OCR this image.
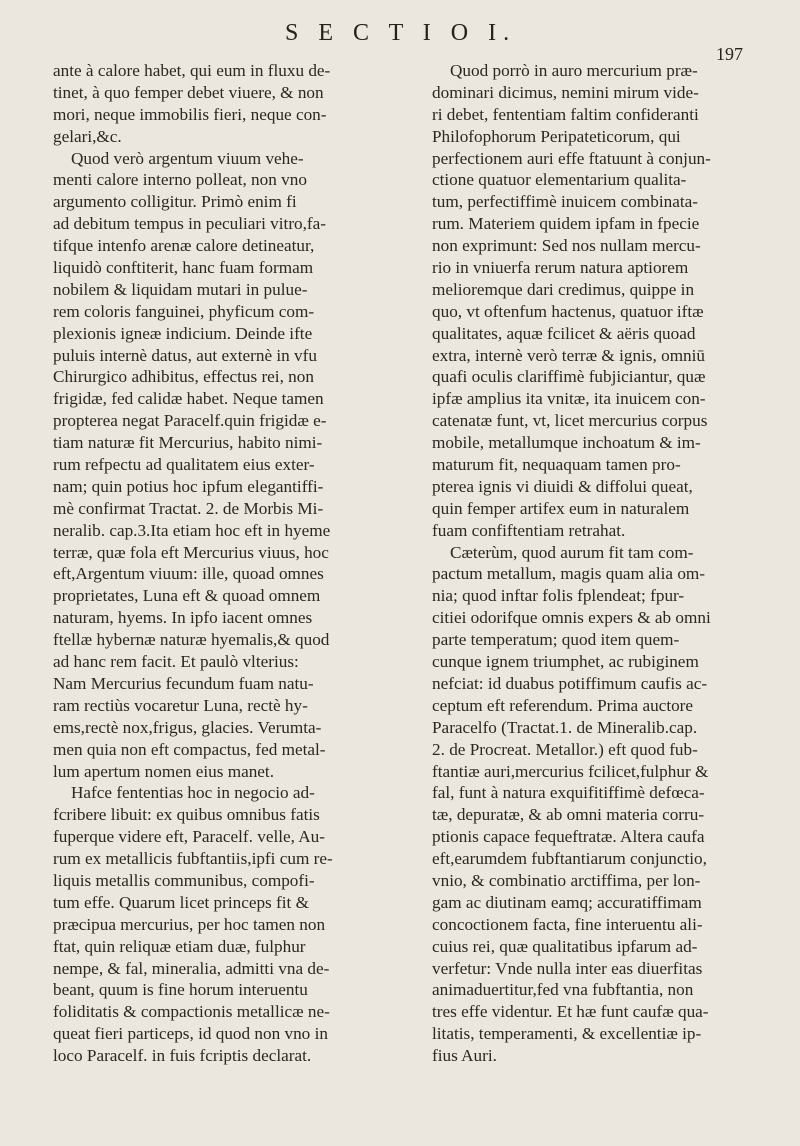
S E C T I O I.
197
ante à calore habet, qui eum in fluxu de-
tinet, à quo femper debet viuere, & non
mori, neque immobilis fieri, neque con-
gelari,&c.
Quod verò argentum viuum vehe-
menti calore interno polleat, non vno
argumento colligitur. Primò enim fi
ad debitum tempus in peculiari vitro,fa-
tifque intenfo arenæ calore detineatur,
liquidò conftiterit, hanc fuam formam
nobilem & liquidam mutari in pulue-
rem coloris fanguinei, phyficum com-
plexionis igneæ indicium. Deinde ifte
puluis internè datus, aut externè in vfu
Chirurgico adhibitus, effectus rei, non
frigidæ, fed calidæ habet. Neque tamen
propterea negat Paracelf.quin frigidæ e-
tiam naturæ fit Mercurius, habito nimi-
rum refpectu ad qualitatem eius exter-
nam; quin potius hoc ipfum elegantiffi-
mè confirmat Tractat. 2. de Morbis Mi-
neralib. cap.3.Ita etiam hoc eft in hyeme
terræ, quæ fola eft Mercurius viuus, hoc
eft,Argentum viuum: ille, quoad omnes
proprietates, Luna eft & quoad omnem
naturam, hyems. In ipfo iacent omnes
ftellæ hybernæ naturæ hyemalis,& quod
ad hanc rem facit. Et paulò vlterius:
Nam Mercurius fecundum fuam natu-
ram rectiùs vocaretur Luna, rectè hy-
ems,rectè nox,frigus, glacies. Verumta-
men quia non eft compactus, fed metal-
lum apertum nomen eius manet.
Hafce fententias hoc in negocio ad-
fcribere libuit: ex quibus omnibus fatis
fuperque videre eft, Paracelf. velle, Au-
rum ex metallicis fubftantiis,ipfi cum re-
liquis metallis communibus, compofi-
tum effe. Quarum licet princeps fit &
præcipua mercurius, per hoc tamen non
ftat, quin reliquæ etiam duæ, fulphur
nempe, & fal, mineralia, admitti vna de-
beant, quum is fine horum interuentu
foliditatis & compactionis metallicæ ne-
queat fieri particeps, id quod non vno in
loco Paracelf. in fuis fcriptis declarat.
Quod porrò in auro mercurium præ-
dominari dicimus, nemini mirum vide-
ri debet, fententiam faltim confideranti
Philofophorum Peripateticorum, qui
perfectionem auri effe ftatuunt à conjun-
ctione quatuor elementarium qualita-
tum, perfectiffimè inuicem combinata-
rum. Materiem quidem ipfam in fpecie
non exprimunt: Sed nos nullam mercu-
rio in vniuerfa rerum natura aptiorem
melioremque dari credimus, quippe in
quo, vt oftenfum hactenus, quatuor iftæ
qualitates, aquæ fcilicet & aëris quoad
extra, internè verò terræ & ignis, omniū
quafi oculis clariffimè fubjiciantur, quæ
ipfæ amplius ita vnitæ, ita inuicem con-
catenatæ funt, vt, licet mercurius corpus
mobile, metallumque inchoatum & im-
maturum fit, nequaquam tamen pro-
pterea ignis vi diuidi & diffolui queat,
quin femper artifex eum in naturalem
fuam confiftentiam retrahat.
Cæterùm, quod aurum fit tam com-
pactum metallum, magis quam alia om-
nia; quod inftar folis fplendeat; fpur-
citiei odorifque omnis expers & ab omni
parte temperatum; quod item quem-
cunque ignem triumphet, ac rubiginem
nefciat: id duabus potiffimum caufis ac-
ceptum eft referendum. Prima auctore
Paracelfo (Tractat.1. de Mineralib.cap.
2. de Procreat. Metallor.) eft quod fub-
ftantiæ auri,mercurius fcilicet,fulphur &
fal, funt à natura exquifitiffimè defœca-
tæ, depuratæ, & ab omni materia corru-
ptionis capace fequeftratæ. Altera caufa
eft,earumdem fubftantiarum conjunctio,
vnio, & combinatio arctiffima, per lon-
gam ac diutinam eamq; accuratiffimam
concoctionem facta, fine interuentu ali-
cuius rei, quæ qualitatibus ipfarum ad-
verfetur: Vnde nulla inter eas diuerfitas
animaduertitur,fed vna fubftantia, non
tres effe videntur. Et hæ funt caufæ qua-
litatis, temperamenti, & excellentiæ ip-
fius Auri.
